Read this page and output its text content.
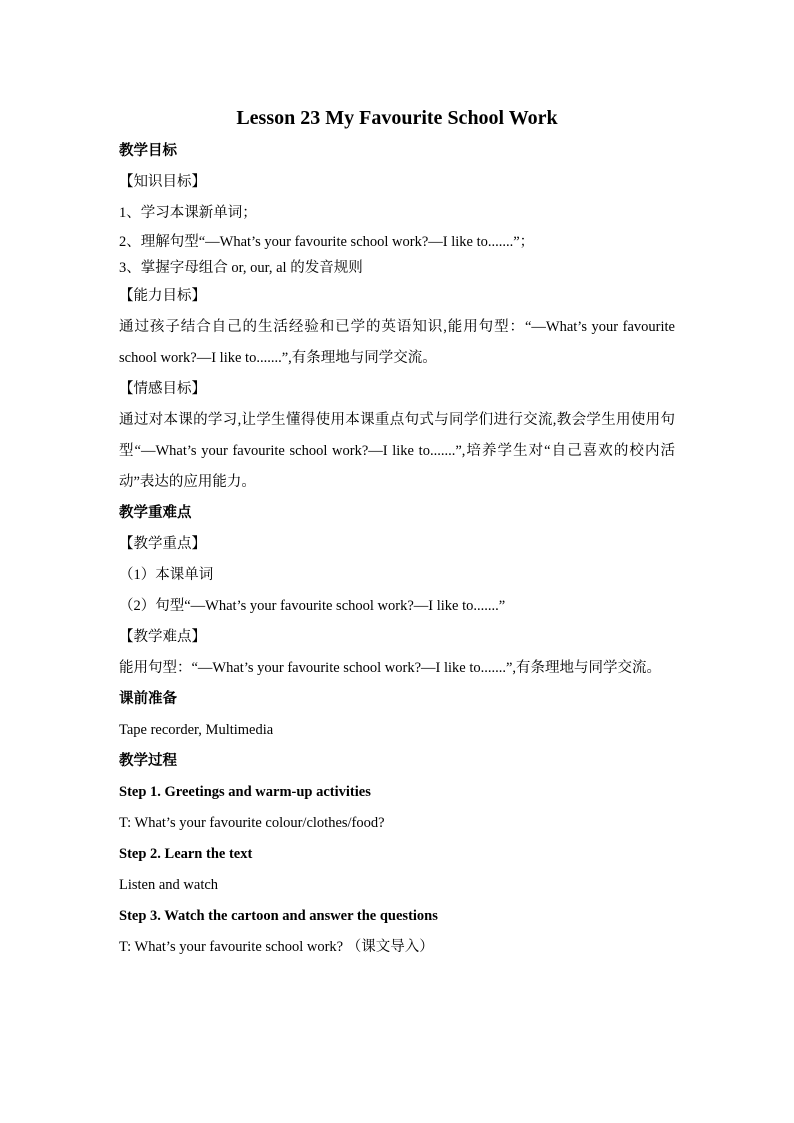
Lesson 23 My Favourite School Work
教学目标
【知识目标】
1、学习本课新单词；
2、理解句型“—What’s your favourite school work?—I like to.......”；
3、掌握字母组合 or, our, al 的发音规则
【能力目标】
通过孩子结合自己的生活经验和已学的英语知识,能用句型：“—What’s your favourite school work?—I like to.......”,有条理地与同学交流。
【情感目标】
通过对本课的学习,让学生懂得使用本课重点句式与同学们进行交流,教会学生用使用句型“—What’s your favourite school work?—I like to.......”,培养学生对“自己喜欢的校内活动”表达的应用能力。
教学重难点
【教学重点】
（1）本课单词
（2）句型“—What’s your favourite school work?—I like to.......”
【教学难点】
能用句型：“—What’s your favourite school work?—I like to.......”,有条理地与同学交流。
课前准备
Tape recorder, Multimedia
教学过程
Step 1. Greetings and warm-up activities
T: What’s your favourite colour/clothes/food?
Step 2. Learn the text
Listen and watch
Step 3. Watch the cartoon and answer the questions
T: What’s your favourite school work? （课文导入）
